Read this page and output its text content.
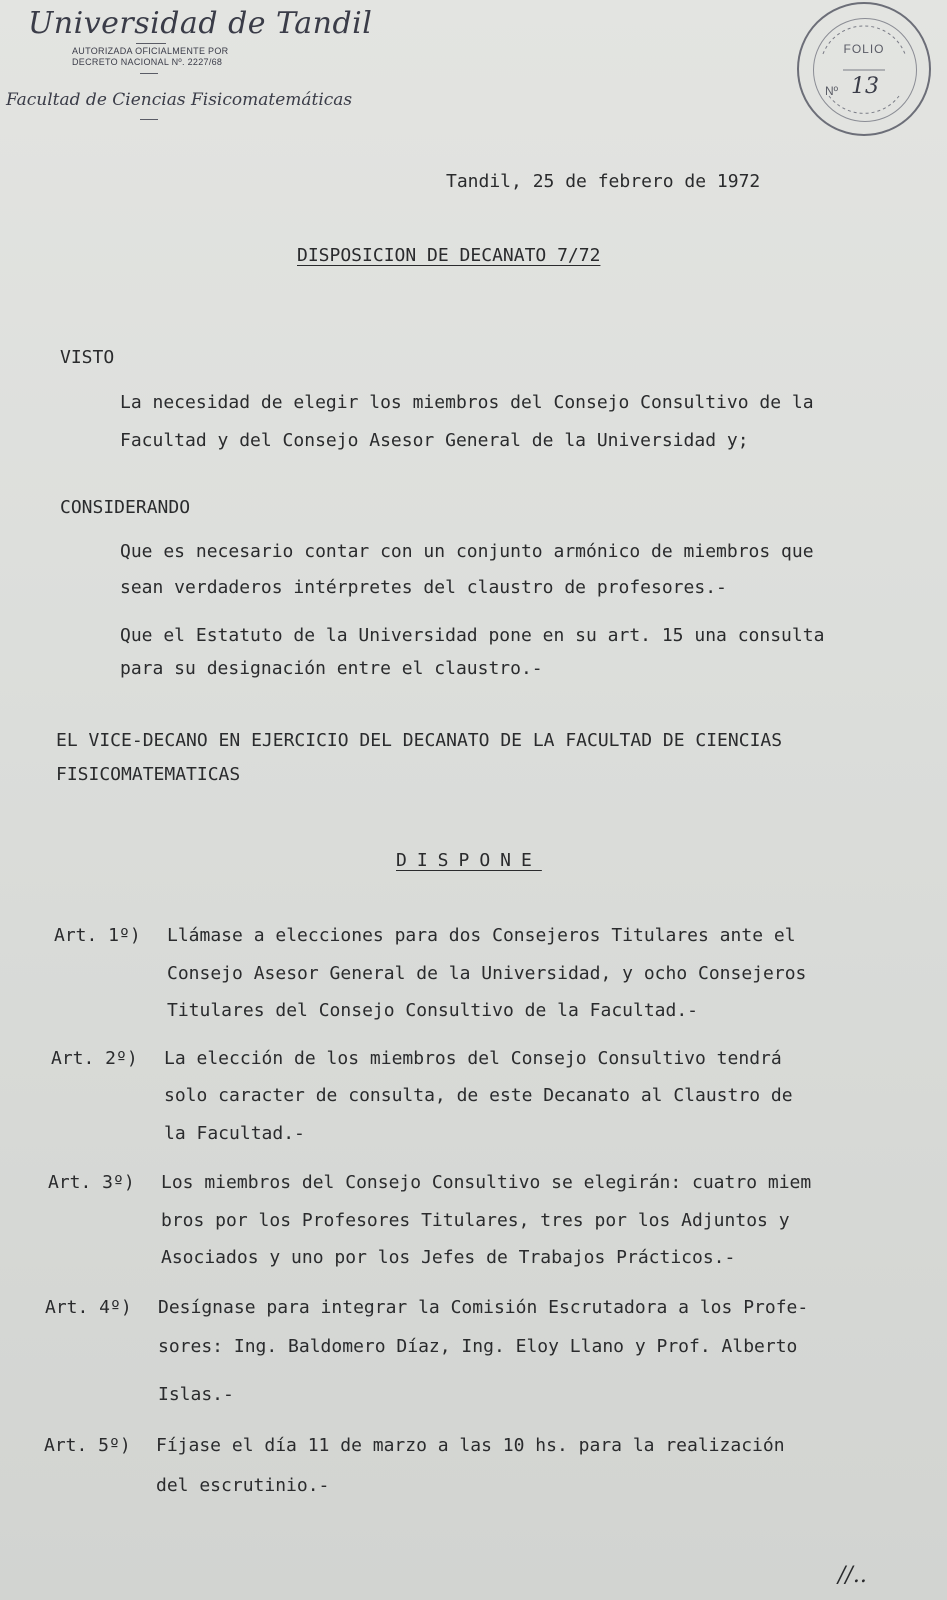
Universidad de Tandil
AUTORIZADA OFICIALMENTE POR
DECRETO NACIONAL Nº. 2227/68
Facultad de Ciencias Fisicomatemáticas
FOLIO
Nº 13
Tandil, 25 de febrero de 1972
DISPOSICION DE DECANATO 7/72
VISTO
La necesidad de elegir los miembros del Consejo Consultivo de la
Facultad y del Consejo Asesor General de la Universidad y;
CONSIDERANDO
Que es necesario contar con un conjunto armónico de miembros que
sean verdaderos intérpretes del claustro de profesores.-
Que el Estatuto de la Universidad pone en su art. 15 una consulta
para su designación entre el claustro.-
EL VICE-DECANO EN EJERCICIO DEL DECANATO DE LA FACULTAD DE CIENCIAS
FISICOMATEMATICAS
DISPONE
Art. 1º) Llámase a elecciones para dos Consejeros Titulares ante el
Consejo Asesor General de la Universidad, y ocho Consejeros
Titulares del Consejo Consultivo de la Facultad.-
Art. 2º) La elección de los miembros del Consejo Consultivo tendrá
solo caracter de consulta, de este Decanato al Claustro de
la Facultad.-
Art. 3º) Los miembros del Consejo Consultivo se elegirán: cuatro miem
bros por los Profesores Titulares, tres por los Adjuntos y
Asociados y uno por los Jefes de Trabajos Prácticos.-
Art. 4º) Desígnase para integrar la Comisión Escrutadora a los Profe-
sores: Ing. Baldomero Díaz, Ing. Eloy Llano y Prof. Alberto
Islas.-
Art. 5º) Fíjase el día 11 de marzo a las 10 hs. para la realización
del escrutinio.-
//..
